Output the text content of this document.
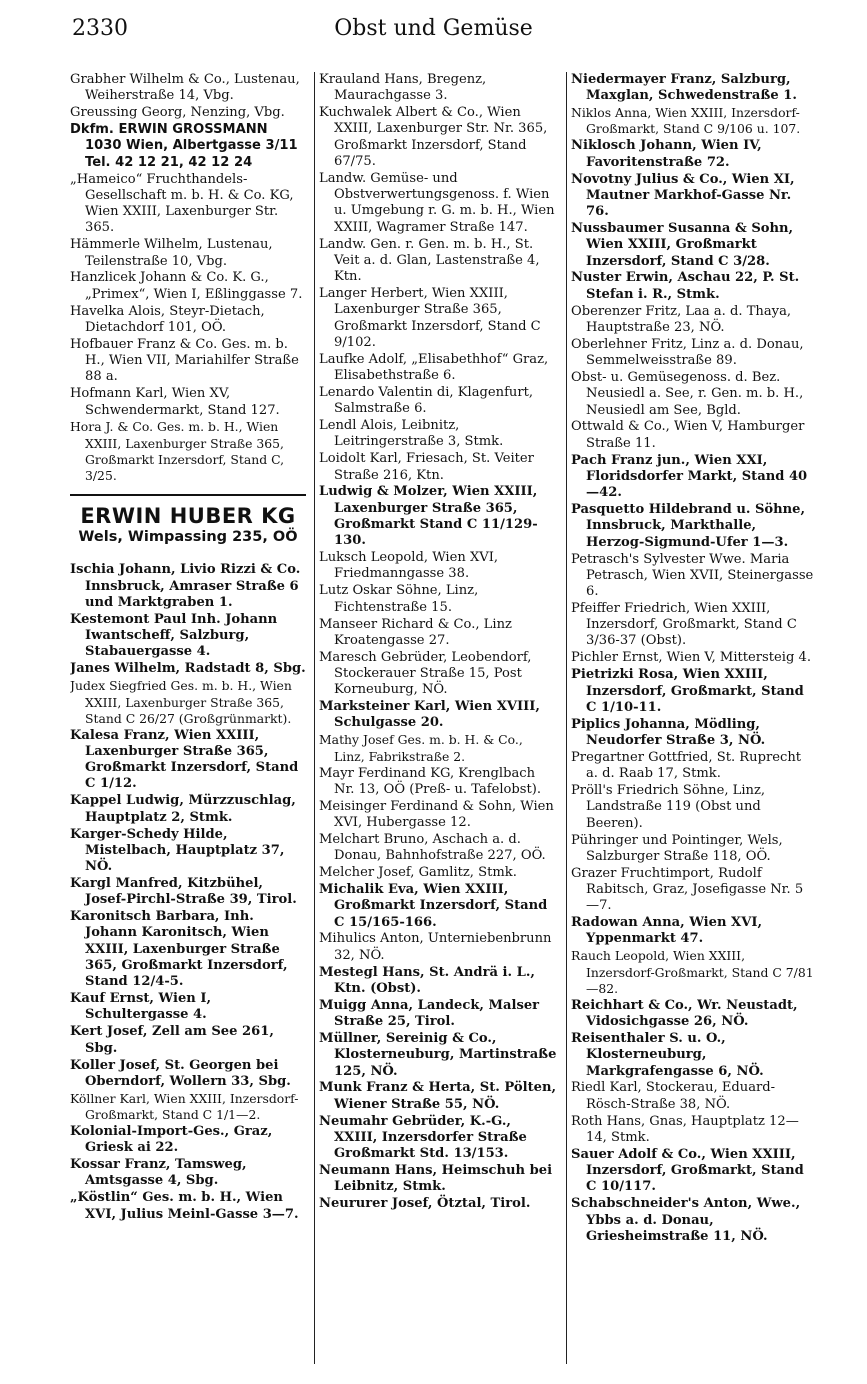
2330	Obst und Gemüse
Grabher Wilhelm & Co., Lustenau, Weiherstraße 14, Vbg.
Greussing Georg, Nenzing, Vbg.
Dkfm. ERWIN GROSSMANN 1030 Wien, Albertgasse 3/11 Tel. 42 12 21, 42 12 24
„Hameico“ Fruchthandels-Gesellschaft m. b. H. & Co. KG, Wien XXIII, Laxenburger Str. 365.
Hämmerle Wilhelm, Lustenau, Teilenstraße 10, Vbg.
Hanzlicek Johann & Co. K. G., „Primex“, Wien I, Eßlinggasse 7.
Havelka Alois, Steyr-Dietach, Dietachdorf 101, OÖ.
Hofbauer Franz & Co. Ges. m. b. H., Wien VII, Mariahilfer Straße 88 a.
Hofmann Karl, Wien XV, Schwendermarkt, Stand 127.
Hora J. & Co. Ges. m. b. H., Wien XXIII, Laxenburger Straße 365, Großmarkt Inzersdorf, Stand C, 3/25.
ERWIN HUBER KG
Wels, Wimpassing 235, OÖ
Ischia Johann, Livio Rizzi & Co. Innsbruck, Amraser Straße 6 und Marktgraben 1.
Kestemont Paul Inh. Johann Iwantscheff, Salzburg, Stabauergasse 4.
Janes Wilhelm, Radstadt 8, Sbg.
Judex Siegfried Ges. m. b. H., Wien XXIII, Laxenburger Straße 365, Stand C 26/27 (Großgrünmarkt).
Kalesa Franz, Wien XXIII, Laxenburger Straße 365, Großmarkt Inzersdorf, Stand C 1/12.
Kappel Ludwig, Mürzzuschlag, Hauptplatz 2, Stmk.
Karger-Schedy Hilde, Mistelbach, Hauptplatz 37, NÖ.
Kargl Manfred, Kitzbühel, Josef-Pirchl-Straße 39, Tirol.
Karonitsch Barbara, Inh. Johann Karonitsch, Wien XXIII, Laxenburger Straße 365, Großmarkt Inzersdorf, Stand 12/4-5.
Kauf Ernst, Wien I, Schultergasse 4.
Kert Josef, Zell am See 261, Sbg.
Koller Josef, St. Georgen bei Oberndorf, Wollern 33, Sbg.
Köllner Karl, Wien XXIII, Inzersdorf-Großmarkt, Stand C 1/1—2.
Kolonial-Import-Ges., Graz, Griesk ai 22.
Kossar Franz, Tamsweg, Amtsgasse 4, Sbg.
„Köstlin“ Ges. m. b. H., Wien XVI, Julius Meinl-Gasse 3—7.
Krauland Hans, Bregenz, Maurachgasse 3.
Kuchwalek Albert & Co., Wien XXIII, Laxenburger Str. Nr. 365, Großmarkt Inzersdorf, Stand 67/75.
Landw. Gemüse- und Obstverwertungsgenoss. f. Wien u. Umgebung r. G. m. b. H., Wien XXIII, Wagramer Straße 147.
Landw. Gen. r. Gen. m. b. H., St. Veit a. d. Glan, Lastenstraße 4, Ktn.
Langer Herbert, Wien XXIII, Laxenburger Straße 365, Großmarkt Inzersdorf, Stand C 9/102.
Laufke Adolf, „Elisabethhof“ Graz, Elisabethstraße 6.
Lenardo Valentin di, Klagenfurt, Salmstraße 6.
Lendl Alois, Leibnitz, Leitringerstraße 3, Stmk.
Loidolt Karl, Friesach, St. Veiter Straße 216, Ktn.
Ludwig & Molzer, Wien XXIII, Laxenburger Straße 365, Großmarkt Stand C 11/129-130.
Luksch Leopold, Wien XVI, Friedmanngasse 38.
Lutz Oskar Söhne, Linz, Fichtenstraße 15.
Manseer Richard & Co., Linz Kroatengasse 27.
Maresch Gebrüder, Leobendorf, Stockerauer Straße 15, Post Korneuburg, NÖ.
Marksteiner Karl, Wien XVIII, Schulgasse 20.
Mathy Josef Ges. m. b. H. & Co., Linz, Fabrikstraße 2.
Mayr Ferdinand KG, Krenglbach Nr. 13, OÖ (Preß- u. Tafelobst).
Meisinger Ferdinand & Sohn, Wien XVI, Hubergasse 12.
Melchart Bruno, Aschach a. d. Donau, Bahnhofstraße 227, OÖ.
Melcher Josef, Gamlitz, Stmk.
Michalik Eva, Wien XXIII, Großmarkt Inzersdorf, Stand C 15/165-166.
Mihulics Anton, Unterniebenbrunn 32, NÖ.
Mestegl Hans, St. Andrä i. L., Ktn. (Obst).
Muigg Anna, Landeck, Malser Straße 25, Tirol.
Müllner, Sereinig & Co., Klosterneuburg, Martinstraße 125, NÖ.
Munk Franz & Herta, St. Pölten, Wiener Straße 55, NÖ.
Neumahr Gebrüder, K.-G., XXIII, Inzersdorfer Straße Großmarkt Std. 13/153.
Neumann Hans, Heimschuh bei Leibnitz, Stmk.
Neururer Josef, Ötztal, Tirol.
Niedermayer Franz, Salzburg, Maxglan, Schwedenstraße 1.
Niklos Anna, Wien XXIII, Inzersdorf-Großmarkt, Stand C 9/106 u. 107.
Niklosch Johann, Wien IV, Favoritenstraße 72.
Novotny Julius & Co., Wien XI, Mautner Markhof-Gasse Nr. 76.
Nussbaumer Susanna & Sohn, Wien XXIII, Großmarkt Inzersdorf, Stand C 3/28.
Nuster Erwin, Aschau 22, P. St. Stefan i. R., Stmk.
Oberenzer Fritz, Laa a. d. Thaya, Hauptstraße 23, NÖ.
Oberlehner Fritz, Linz a. d. Donau, Semmelweisstraße 89.
Obst- u. Gemüsegenoss. d. Bez. Neusiedl a. See, r. Gen. m. b. H., Neusiedl am See, Bgld.
Ottwald & Co., Wien V, Hamburger Straße 11.
Pach Franz jun., Wien XXI, Floridsdorfer Markt, Stand 40—42.
Pasquetto Hildebrand u. Söhne, Innsbruck, Markthalle, Herzog-Sigmund-Ufer 1—3.
Petrasch's Sylvester Wwe. Maria Petrasch, Wien XVII, Steinergasse 6.
Pfeiffer Friedrich, Wien XXIII, Inzersdorf, Großmarkt, Stand C 3/36-37 (Obst).
Pichler Ernst, Wien V, Mittersteig 4.
Pietrizki Rosa, Wien XXIII, Inzersdorf, Großmarkt, Stand C 1/10-11.
Piplics Johanna, Mödling, Neudorfer Straße 3, NÖ.
Pregartner Gottfried, St. Ruprecht a. d. Raab 17, Stmk.
Pröll's Friedrich Söhne, Linz, Landstraße 119 (Obst und Beeren).
Pühringer und Pointinger, Wels, Salzburger Straße 118, OÖ.
Grazer Fruchtimport, Rudolf Rabitsch, Graz, Josefigasse Nr. 5—7.
Radowan Anna, Wien XVI, Yppenmarkt 47.
Rauch Leopold, Wien XXIII, Inzersdorf-Großmarkt, Stand C 7/81—82.
Reichhart & Co., Wr. Neustadt, Vidosichgasse 26, NÖ.
Reisenthaler S. u. O., Klosterneuburg, Markgrafengasse 6, NÖ.
Riedl Karl, Stockerau, Eduard-Rösch-Straße 38, NÖ.
Roth Hans, Gnas, Hauptplatz 12—14, Stmk.
Sauer Adolf & Co., Wien XXIII, Inzersdorf, Großmarkt, Stand C 10/117.
Schabschneider's Anton, Wwe., Ybbs a. d. Donau, Griesheimstraße 11, NÖ.
